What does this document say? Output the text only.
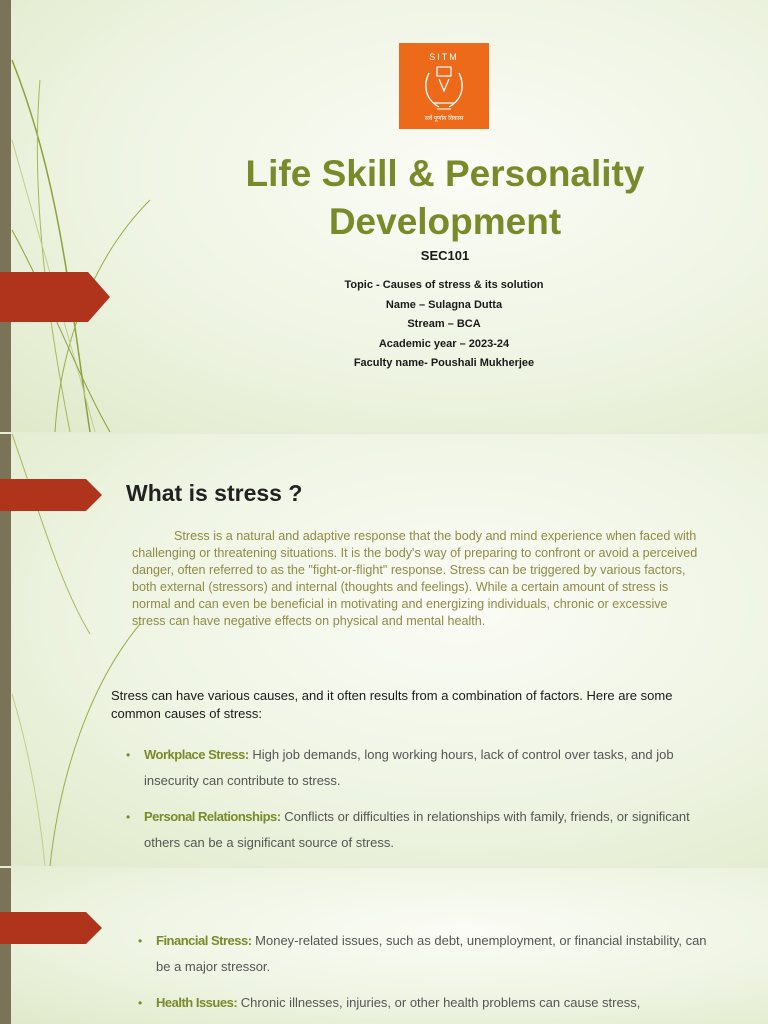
SITM
सर्वं पूर्णाय विकास
Life Skill & Personality Development
SEC101
Topic - Causes of stress & its solution
Name – Sulagna Dutta
Stream – BCA
Academic year – 2023-24
Faculty name- Poushali Mukherjee
What is stress ?
Stress is a natural and adaptive response that the body and mind experience when faced with challenging or threatening situations. It is the body's way of preparing to confront or avoid a perceived danger, often referred to as the "fight-or-flight" response. Stress can be triggered by various factors, both external (stressors) and internal (thoughts and feelings). While a certain amount of stress is normal and can even be beneficial in motivating and energizing individuals, chronic or excessive stress can have negative effects on physical and mental health.
Stress can have various causes, and it often results from a combination of factors. Here are some common causes of stress:
• Workplace Stress: High job demands, long working hours, lack of control over tasks, and job insecurity can contribute to stress.
• Personal Relationships: Conflicts or difficulties in relationships with family, friends, or significant others can be a significant source of stress.
• Financial Stress: Money-related issues, such as debt, unemployment, or financial instability, can be a major stressor.
• Health Issues: Chronic illnesses, injuries, or other health problems can cause stress,
